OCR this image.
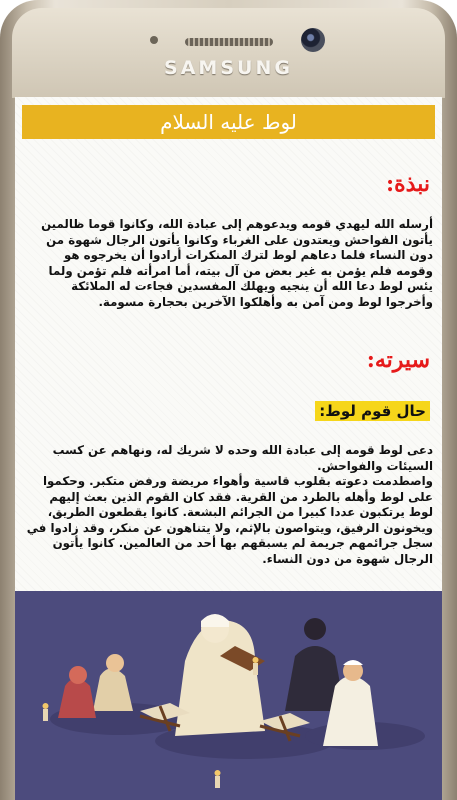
SAMSUNG
لوط عليه السلام
نبذة:
أرسله الله ليهدي قومه ويدعوهم إلى عبادة الله، وكانوا قوما ظالمين يأتون الفواحش ويعتدون على الغرباء وكانوا يأتون الرجال شهوة من دون النساء فلما دعاهم لوط لترك المنكرات أرادوا أن يخرجوه هو وقومه فلم يؤمن به غير بعض من آل بيته، أما امرأته فلم تؤمن ولما يئس لوط دعا الله أن ينجيه ويهلك المفسدين فجاءت له الملائكة وأخرجوا لوط ومن آمن به وأهلكوا الآخرين بحجارة مسومة.
سيرته:
حال قوم لوط:
دعى لوط قومه إلى عبادة الله وحده لا شريك له، ونهاهم عن كسب السيئات والفواحش.
واصطدمت دعوته بقلوب قاسية وأهواء مريضة ورفض متكبر. وحكموا على لوط وأهله بالطرد من القرية. فقد كان القوم الذين بعث إليهم لوط يرتكبون عددا كبيرا من الجرائم البشعة. كانوا يقطعون الطريق، ويخونون الرفيق، ويتواصون بالإثم، ولا يتناهون عن منكر، وقد زادوا في سجل جرائمهم جريمة لم يسبقهم بها أحد من العالمين. كانوا يأتون الرجال شهوة من دون النساء.
